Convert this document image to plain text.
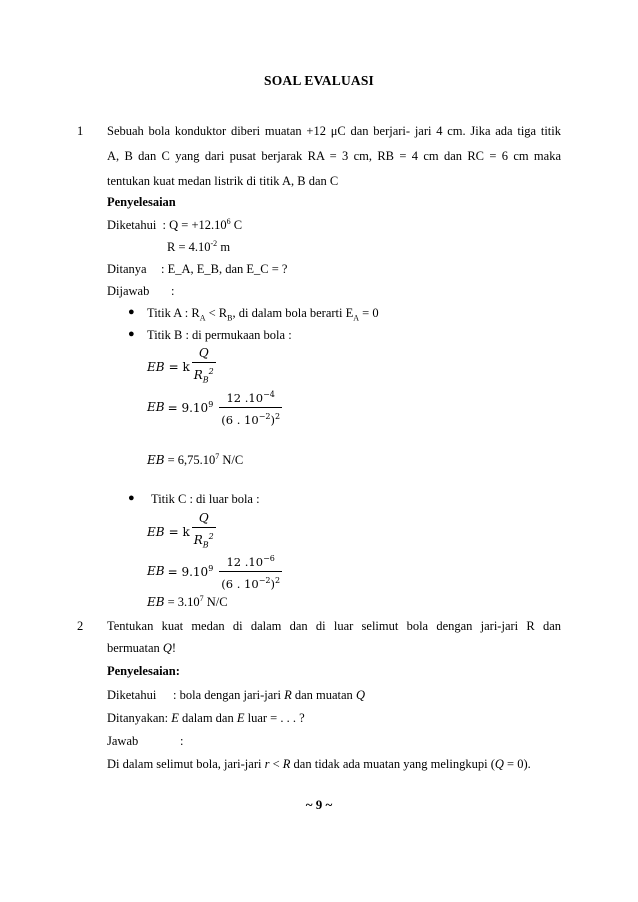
SOAL EVALUASI
1 Sebuah bola konduktor diberi muatan +12 μC dan berjari- jari 4 cm. Jika ada tiga titik
A, B dan C yang dari pusat berjarak RA = 3 cm, RB = 4 cm dan RC = 6 cm maka
tentukan kuat medan listrik di titik A, B dan C
Penyelesaian
Diketahui : $Q = +12.10^6$ C
$R = 4.10^{-2}$ m
Ditanya : E_A, E_B, dan E_C = ?
Dijawab :
● Titik A : $R_A < R_B$, di dalam bola berarti $E_A = 0$
● Titik B : di permukaan bola :
E B = k $\frac{Q}{R_B^2}$
E $B = 9.10^9 \frac{12 .10^{-4}}{(6 . 10^{-2})^2}$
E $B = 6,75.10^7$ N/C
● Titik C : di luar bola :
E B = k $\frac{Q}{R_B^2}$
E $B = 9.10^9 \frac{12 .10^{-6}}{(6 . 10^{-2})^2}$
E $B = 3.10^7$ N/C
2 Tentukan kuat medan di dalam dan di luar selimut bola dengan jari-jari R dan
bermuatan Q!
Penyelesaian:
Diketahui : bola dengan jari-jari R dan muatan Q
Ditanyakan: E dalam dan E luar = . . . ?
Jawab	:
Di dalam selimut bola, jari-jari r < R dan tidak ada muatan yang melingkupi (Q = 0).
~ 9 ~
